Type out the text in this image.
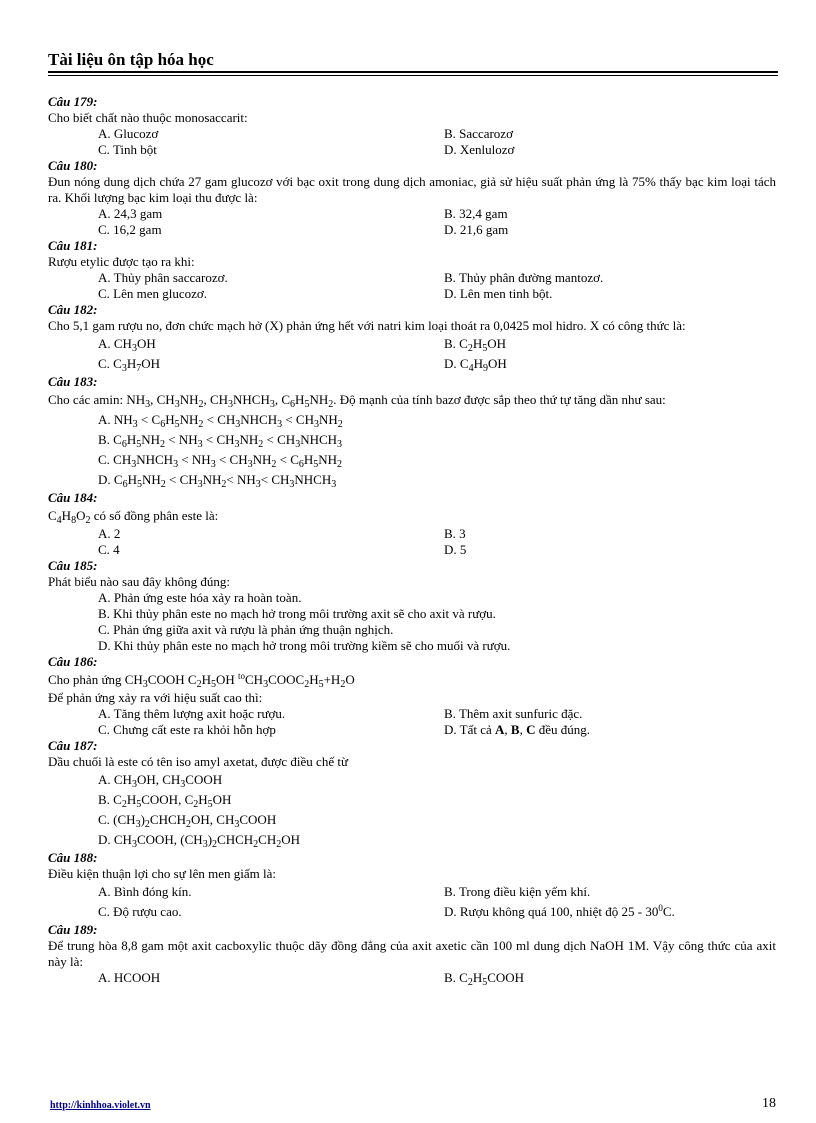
Tài liệu ôn tập hóa học
Câu 179:
Cho biết chất nào thuộc monosaccarit:
A. Glucozơ	B. Saccarozơ
C. Tinh bột	D. Xenlulozơ
Câu 180:
Đun nóng dung dịch chứa 27 gam glucozơ với bạc oxit trong dung dịch amoniac, giả sử hiệu suất phản ứng là 75% thấy bạc kim loại tách ra. Khối lượng bạc kim loại thu được là:
A. 24,3 gam	B. 32,4 gam
C. 16,2 gam	D. 21,6 gam
Câu 181:
Rượu etylic được tạo ra khi:
A. Thủy phân saccarozơ.	B. Thủy phân đường mantozơ.
C. Lên men glucozơ.	D. Lên men tinh bột.
Câu 182:
Cho 5,1 gam rượu no, đơn chức mạch hở (X) phản ứng hết với natri kim loại thoát ra 0,0425 mol hidro. X có công thức là:
A. $CH_3OH$	B. $C_2H_5OH$
C. $C_3H_7OH$	D. $C_4H_9OH$
Câu 183:
Cho các amin: $NH_3$, $CH_3NH_2$, $CH_3NHCH_3$, $C_6H_5NH_2$. Độ mạnh của tính bazơ được sắp theo thứ tự tăng dần như sau:
A. $NH_3 < C_6H_5NH_2$ < $CH_3NHCH_3 < CH_3NH_2$
B. $C_6H_5NH_2 < NH_3 < CH_3NH_2$ < $CH_3NHCH_3$
C. $CH_3NHCH_3 < NH_3 < CH_3NH_2 < C_6H_5NH_2$
D. $C_6H_5NH_2 < CH_3NH_2< NH_3<$ $CH_3NHCH_3$
Câu 184:
$C_4H_8O_2$ có số đồng phân este là:
A. 2	B. 3
C. 4	D. 5
Câu 185:
Phát biểu nào sau đây không đúng:
A. Phản ứng este hóa xảy ra hoàn toàn.
B. Khi thủy phân este no mạch hở trong môi trường axit sẽ cho axit và rượu.
C. Phản ứng giữa axit và rượu là phản ứng thuận nghịch.
D. Khi thủy phân este no mạch hở trong môi trường kiềm sẽ cho muối và rượu.
Câu 186:
Cho phản ứng $CH_3COOH$ $C_2H_5OH$ $^{to}CH_3COOC_2H_5+H_2O$
Để phản ứng xảy ra với hiệu suất cao thì:
A. Tăng thêm lượng axit hoặc rượu.	B. Thêm axit sunfuric đặc.
C. Chưng cất este ra khỏi hỗn hợp	D. Tất cả A, B, C đều đúng.
Câu 187:
Dầu chuối là este có tên iso amyl axetat, được điều chế từ
A. $CH_3OH$, $CH_3COOH$
B. $C_2H_5COOH$, $C_2H_5OH$
C. $(CH_3)_2CHCH_2OH$, $CH_3COOH$
D. $CH_3COOH$, $(CH_3)_2CHCH_2CH_2OH$
Câu 188:
Điều kiện thuận lợi cho sự lên men giấm là:
A. Bình đóng kín.	B. Trong điều kiện yếm khí.
C. Độ rượu cao.	D. Rượu không quá 100, nhiệt độ $25 - 30^0C$.
Câu 189:
Để trung hòa 8,8 gam một axit cacboxylic thuộc dãy đồng đẳng của axit axetic cần 100 ml dung dịch NaOH 1M. Vậy công thức của axit này là:
A. HCOOH	B. $C_2H_5COOH$
http://kinhhoa.violet.vn	18
